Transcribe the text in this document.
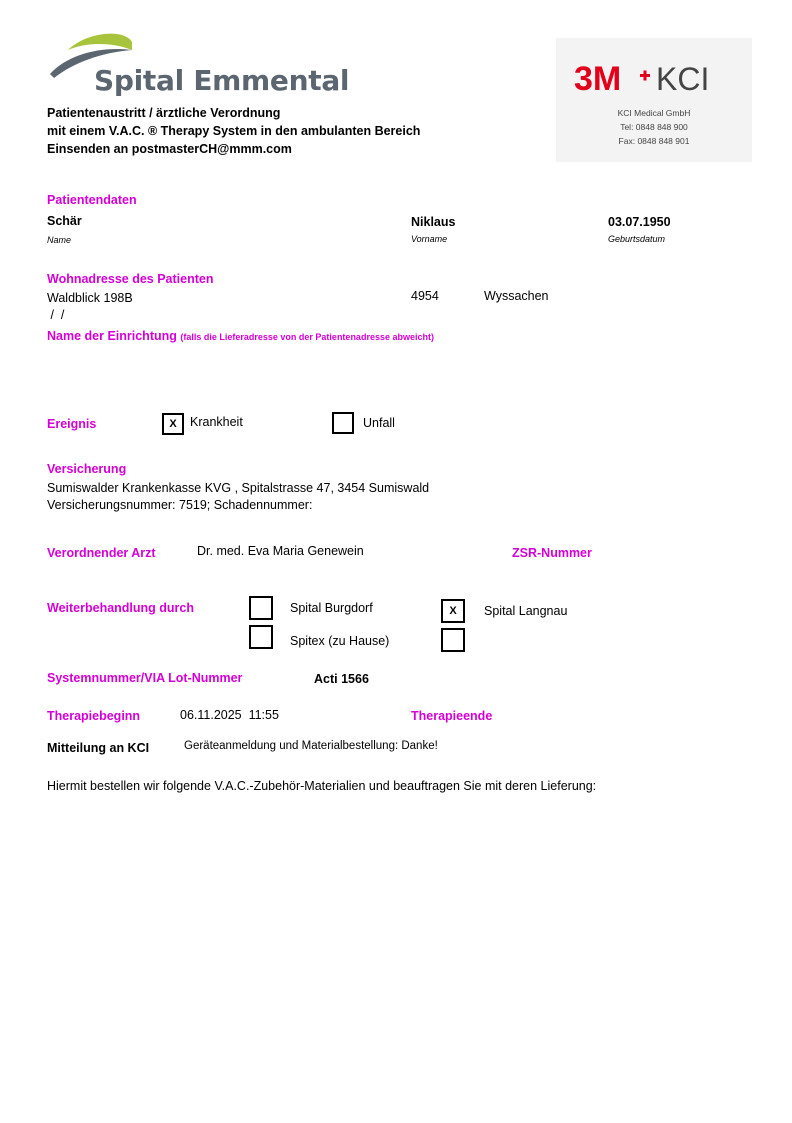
Spital Emmental	3M KCI
KCI Medical GmbH
Tel: 0848 848 900
Fax: 0848 848 901
Patientenaustritt / ärztliche Verordnung
mit einem V.A.C. ® Therapy System in den ambulanten Bereich
Einsenden an postmasterCH@mmm.com
Patientendaten
Schär	Niklaus	03.07.1950
Name	Vorname	Geburtsdatum
Wohnadresse des Patienten
Waldblick 198B	4954	Wyssachen
/  /
Name der Einrichtung (falls die Lieferadresse von der Patientenadresse abweicht)
Ereignis	X	Krankheit	Unfall
Versicherung
Sumiswalder Krankenkasse KVG , Spitalstrasse 47, 3454 Sumiswald
Versicherungsnummer: 7519; Schadennummer:
Verordnender Arzt	Dr. med. Eva Maria Genewein	ZSR-Nummer
Weiterbehandlung durch	Spital Burgdorf	X	Spital Langnau
Spitex (zu Hause)
Systemnummer/VIA Lot-Nummer	Acti 1566
Therapiebeginn	06.11.2025  11:55	Therapieende
Mitteilung an KCI	Geräteanmeldung und Materialbestellung: Danke!
Hiermit bestellen wir folgende V.A.C.-Zubehör-Materialien und beauftragen Sie mit deren Lieferung:
